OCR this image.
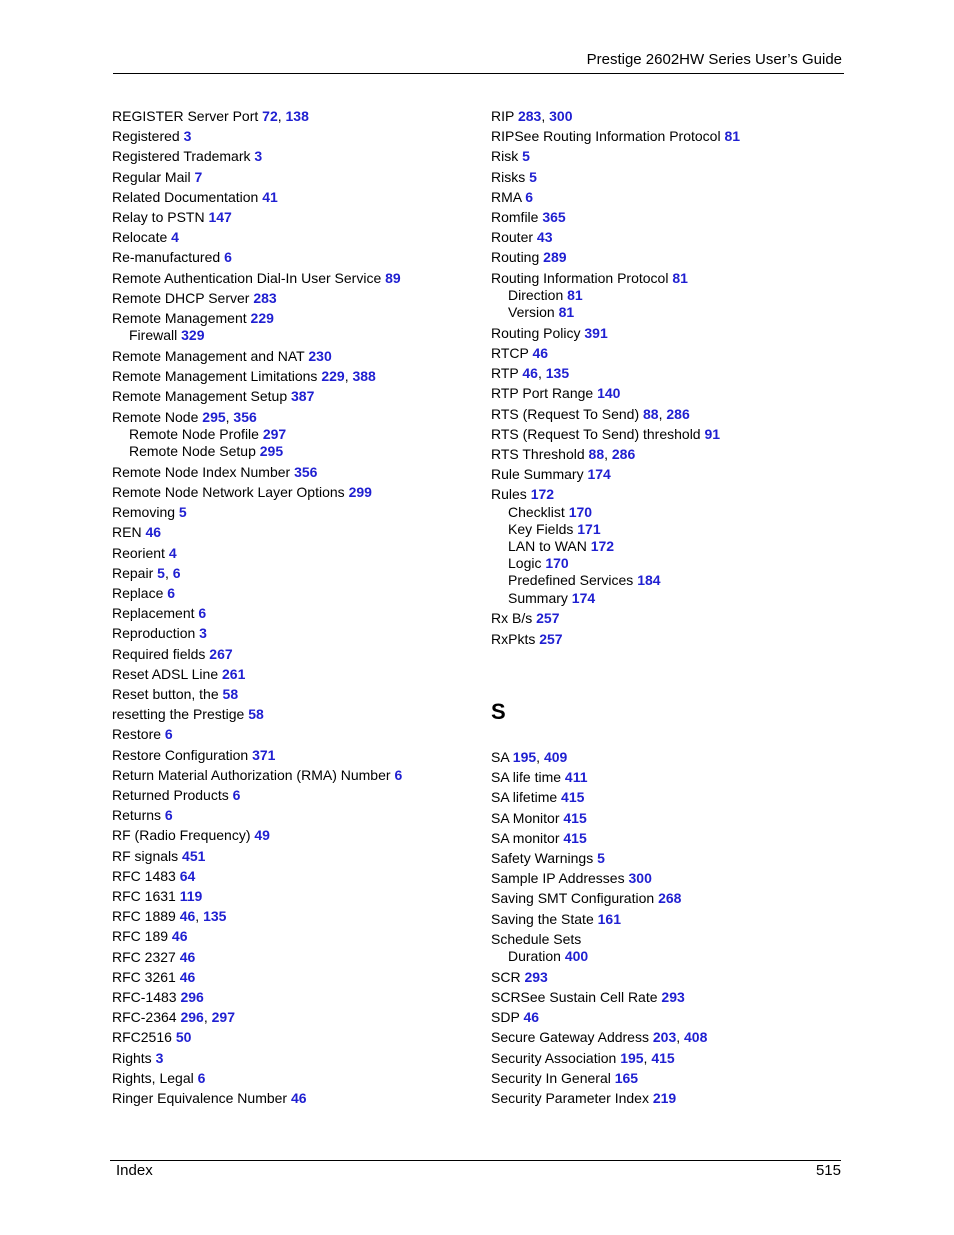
Prestige 2602HW Series User’s Guide
REGISTER Server Port 72, 138
Registered 3
Registered Trademark 3
Regular Mail 7
Related Documentation 41
Relay to PSTN 147
Relocate 4
Re-manufactured 6
Remote Authentication Dial-In User Service 89
Remote DHCP Server 283
Remote Management 229
Firewall 329
Remote Management and NAT 230
Remote Management Limitations 229, 388
Remote Management Setup 387
Remote Node 295, 356
Remote Node Profile 297
Remote Node Setup 295
Remote Node Index Number 356
Remote Node Network Layer Options 299
Removing 5
REN 46
Reorient 4
Repair 5, 6
Replace 6
Replacement 6
Reproduction 3
Required fields 267
Reset ADSL Line 261
Reset button, the 58
resetting the Prestige 58
Restore 6
Restore Configuration 371
Return Material Authorization (RMA) Number 6
Returned Products 6
Returns 6
RF (Radio Frequency) 49
RF signals 451
RFC 1483 64
RFC 1631 119
RFC 1889 46, 135
RFC 189 46
RFC 2327 46
RFC 3261 46
RFC-1483 296
RFC-2364 296, 297
RFC2516 50
Rights 3
Rights, Legal 6
Ringer Equivalence Number 46
RIP 283, 300
RIPSee Routing Information Protocol 81
Risk 5
Risks 5
RMA 6
Romfile 365
Router 43
Routing 289
Routing Information Protocol 81
Direction 81
Version 81
Routing Policy 391
RTCP 46
RTP 46, 135
RTP Port Range 140
RTS (Request To Send) 88, 286
RTS (Request To Send) threshold 91
RTS Threshold 88, 286
Rule Summary 174
Rules 172
Checklist 170
Key Fields 171
LAN to WAN 172
Logic 170
Predefined Services 184
Summary 174
Rx B/s 257
RxPkts 257
S
SA 195, 409
SA life time 411
SA lifetime 415
SA Monitor 415
SA monitor 415
Safety Warnings 5
Sample IP Addresses 300
Saving SMT Configuration 268
Saving the State 161
Schedule Sets
Duration 400
SCR 293
SCRSee Sustain Cell Rate 293
SDP 46
Secure Gateway Address 203, 408
Security Association 195, 415
Security In General 165
Security Parameter Index 219
Index	515
